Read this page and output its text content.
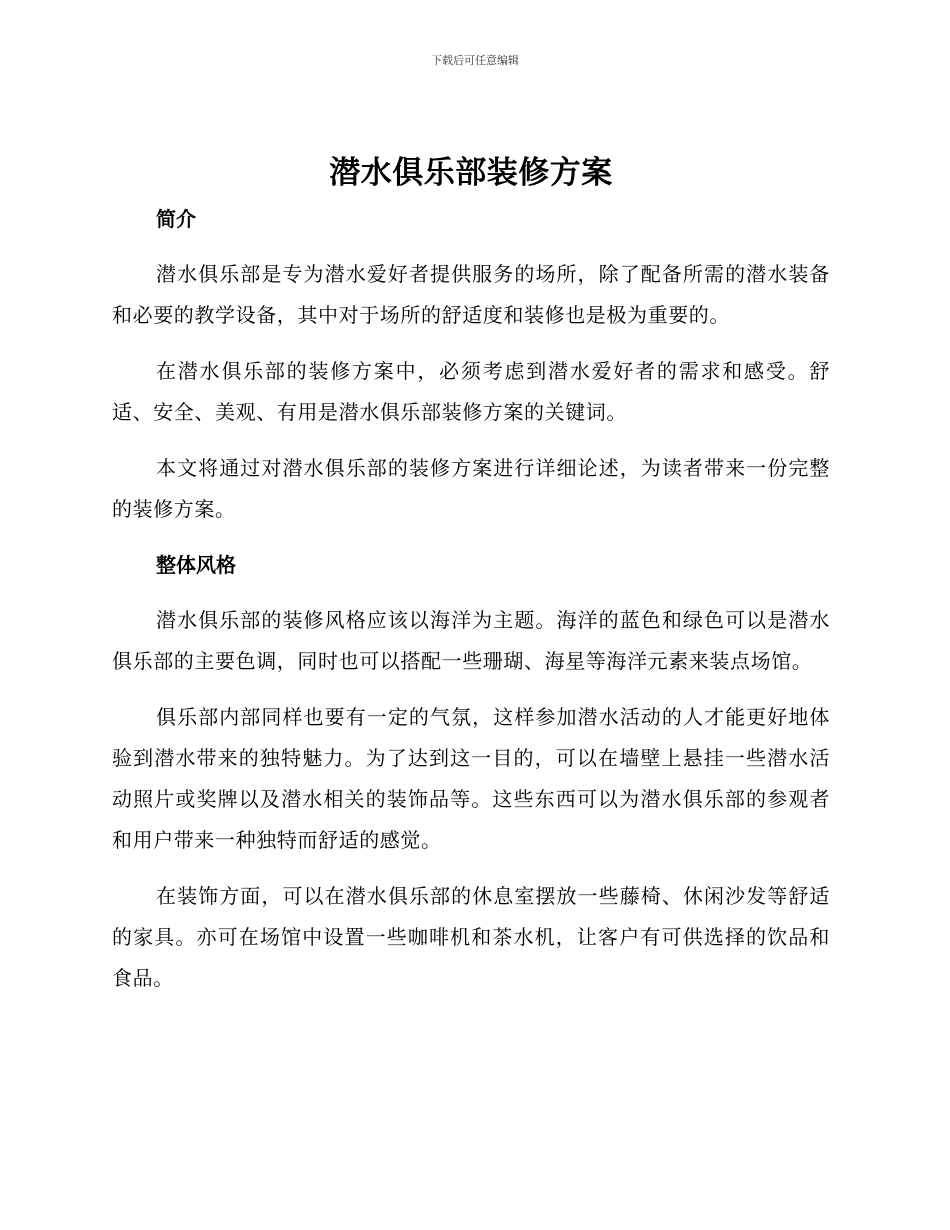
下载后可任意编辑
潜水俱乐部装修方案
简介

潜水俱乐部是专为潜水爱好者提供服务的场所，除了配备所需的潜水装备和必要的教学设备，其中对于场所的舒适度和装修也是极为重要的。

在潜水俱乐部的装修方案中，必须考虑到潜水爱好者的需求和感受。舒适、安全、美观、有用是潜水俱乐部装修方案的关键词。

本文将通过对潜水俱乐部的装修方案进行详细论述，为读者带来一份完整的装修方案。

整体风格

潜水俱乐部的装修风格应该以海洋为主题。海洋的蓝色和绿色可以是潜水俱乐部的主要色调，同时也可以搭配一些珊瑚、海星等海洋元素来装点场馆。

俱乐部内部同样也要有一定的气氛，这样参加潜水活动的人才能更好地体验到潜水带来的独特魅力。为了达到这一目的，可以在墙壁上悬挂一些潜水活动照片或奖牌以及潜水相关的装饰品等。这些东西可以为潜水俱乐部的参观者和用户带来一种独特而舒适的感觉。

在装饰方面，可以在潜水俱乐部的休息室摆放一些藤椅、休闲沙发等舒适的家具。亦可在场馆中设置一些咖啡机和茶水机，让客户有可供选择的饮品和食品。
